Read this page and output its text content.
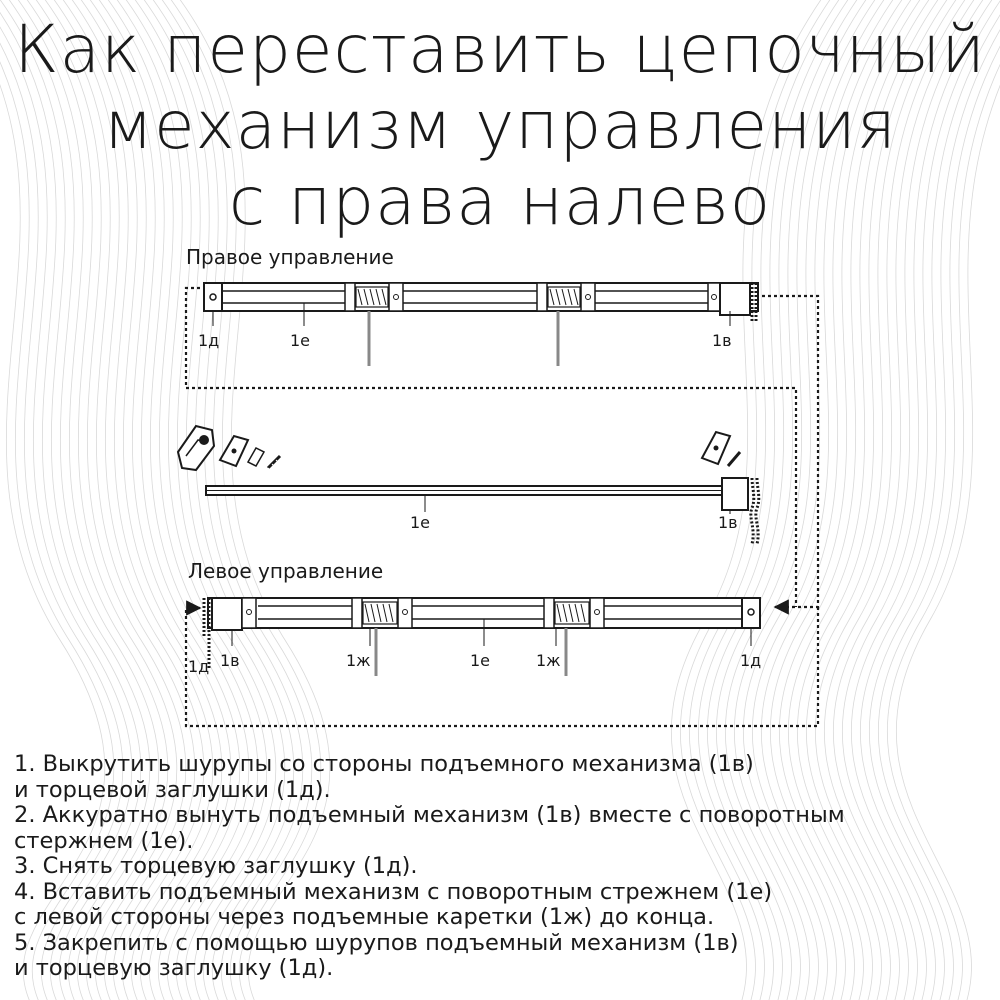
Как переставить цепочный
механизм управления
с права налево
Правое управление
1д	1е	1в
1е	1в
Левое управление
1д 1в	1ж	1е	1ж	1д
1. Выкрутить шурупы со стороны подъемного механизма (1в)
и торцевой заглушки (1д).
2. Аккуратно вынуть подъемный механизм (1в) вместе с поворотным
стержнем (1е).
3. Снять торцевую заглушку (1д).
4. Вставить подъемный механизм с поворотным стрежнем (1е)
с левой стороны через подъемные каретки (1ж) до конца.
5. Закрепить с помощью шурупов подъемный механизм (1в)
и торцевую заглушку (1д).
